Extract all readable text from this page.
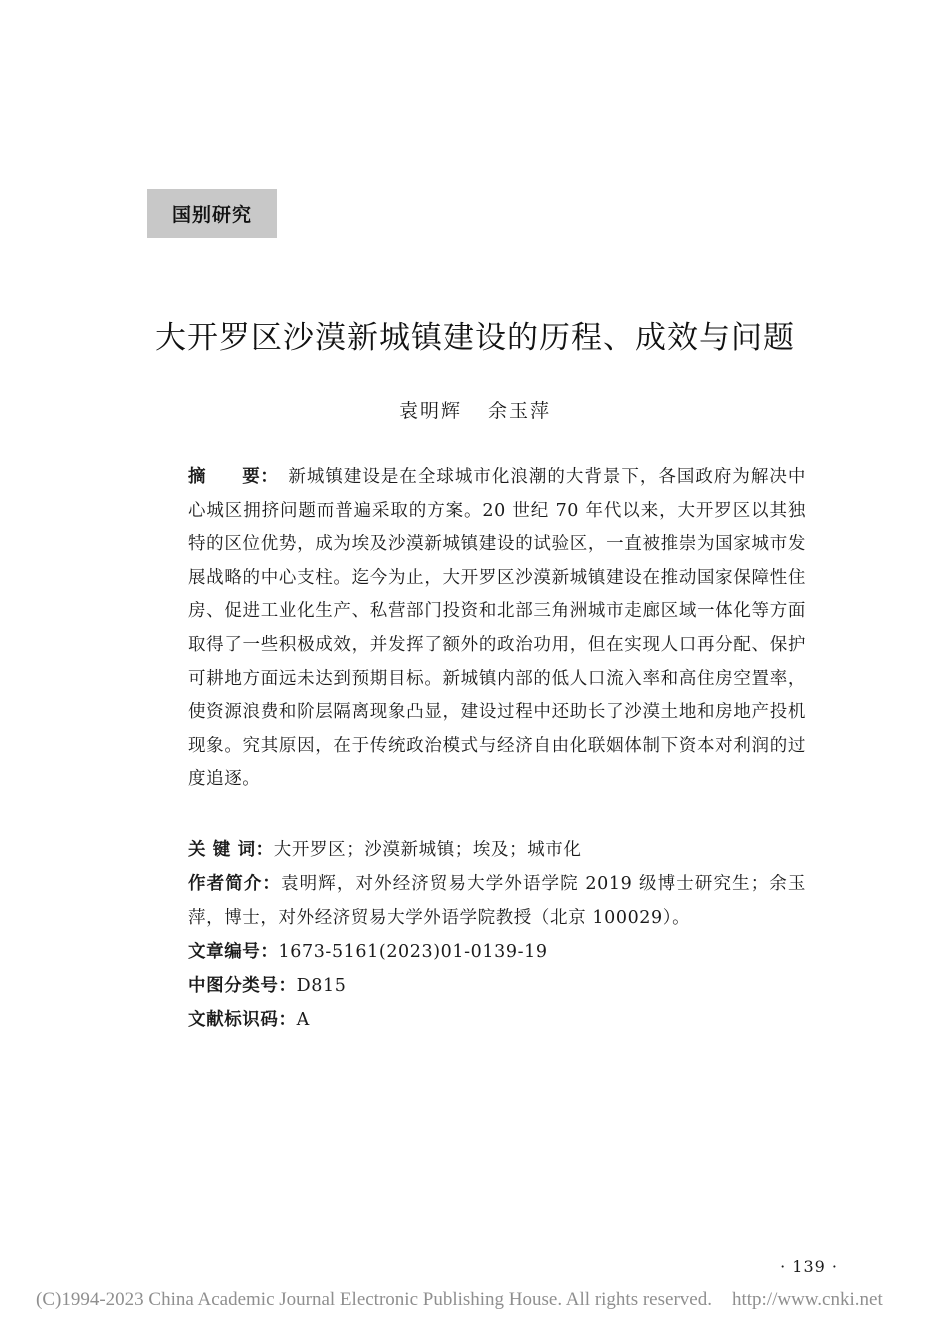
国别研究
大开罗区沙漠新城镇建设的历程、成效与问题
袁明辉 余玉萍
摘　　要： 新城镇建设是在全球城市化浪潮的大背景下，各国政府为解决中心城区拥挤问题而普遍采取的方案。20 世纪 70 年代以来，大开罗区以其独特的区位优势，成为埃及沙漠新城镇建设的试验区，一直被推崇为国家城市发展战略的中心支柱。迄今为止，大开罗区沙漠新城镇建设在推动国家保障性住房、促进工业化生产、私营部门投资和北部三角洲城市走廊区域一体化等方面取得了一些积极成效，并发挥了额外的政治功用，但在实现人口再分配、保护可耕地方面远未达到预期目标。新城镇内部的低人口流入率和高住房空置率，使资源浪费和阶层隔离现象凸显，建设过程中还助长了沙漠土地和房地产投机现象。究其原因，在于传统政治模式与经济自由化联姻体制下资本对利润的过度追逐。
关 键 词：大开罗区；沙漠新城镇；埃及；城市化
作者简介：袁明辉，对外经济贸易大学外语学院 2019 级博士研究生；余玉萍，博士，对外经济贸易大学外语学院教授（北京 100029）。
文章编号：1673-5161(2023)01-0139-19
中图分类号：D815
文献标识码：A
· 139 ·
(C)1994-2023 China Academic Journal Electronic Publishing House. All rights reserved. http://www.cnki.net
